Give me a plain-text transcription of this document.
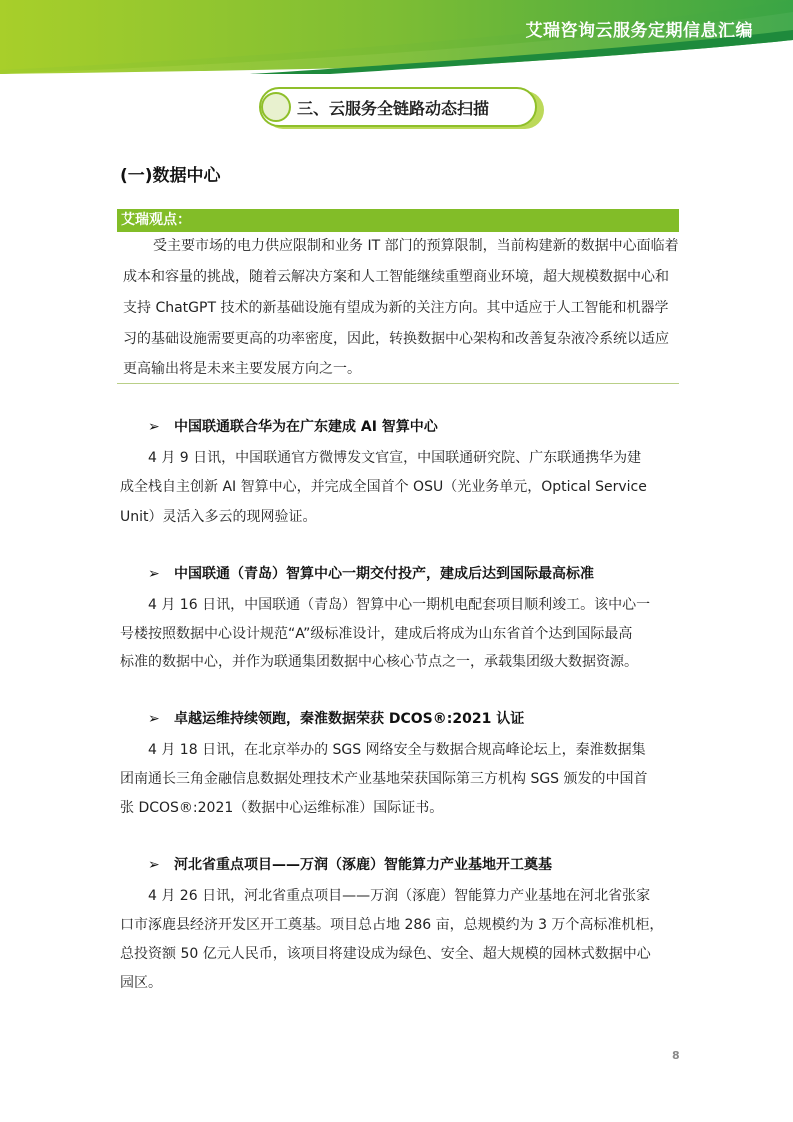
艾瑞咨询云服务定期信息汇编
三、云服务全链路动态扫描
(一)数据中心
艾瑞观点：
受主要市场的电力供应限制和业务 IT 部门的预算限制，当前构建新的数据中心面临着
成本和容量的挑战，随着云解决方案和人工智能继续重塑商业环境，超大规模数据中心和
支持 ChatGPT 技术的新基础设施有望成为新的关注方向。其中适应于人工智能和机器学
习的基础设施需要更高的功率密度，因此，转换数据中心架构和改善复杂液冷系统以适应
更高输出将是未来主要发展方向之一。
➢ 中国联通联合华为在广东建成 AI 智算中心
4 月 9 日讯，中国联通官方微博发文官宣，中国联通研究院、广东联通携华为建
成全栈自主创新 AI 智算中心，并完成全国首个 OSU（光业务单元，Optical Service
Unit）灵活入多云的现网验证。
➢ 中国联通（青岛）智算中心一期交付投产，建成后达到国际最高标准
4 月 16 日讯，中国联通（青岛）智算中心一期机电配套项目顺利竣工。该中心一
号楼按照数据中心设计规范“A”级标准设计，建成后将成为山东省首个达到国际最高
标准的数据中心，并作为联通集团数据中心核心节点之一，承载集团级大数据资源。
➢ 卓越运维持续领跑，秦淮数据荣获 DCOS®:2021 认证
4 月 18 日讯，在北京举办的 SGS 网络安全与数据合规高峰论坛上，秦淮数据集
团南通长三角金融信息数据处理技术产业基地荣获国际第三方机构 SGS 颁发的中国首
张 DCOS®:2021（数据中心运维标准）国际证书。
➢ 河北省重点项目——万润（涿鹿）智能算力产业基地开工奠基
4 月 26 日讯，河北省重点项目——万润（涿鹿）智能算力产业基地在河北省张家
口市涿鹿县经济开发区开工奠基。项目总占地 286 亩，总规模约为 3 万个高标准机柜，
总投资额 50 亿元人民币，该项目将建设成为绿色、安全、超大规模的园林式数据中心
园区。
8
